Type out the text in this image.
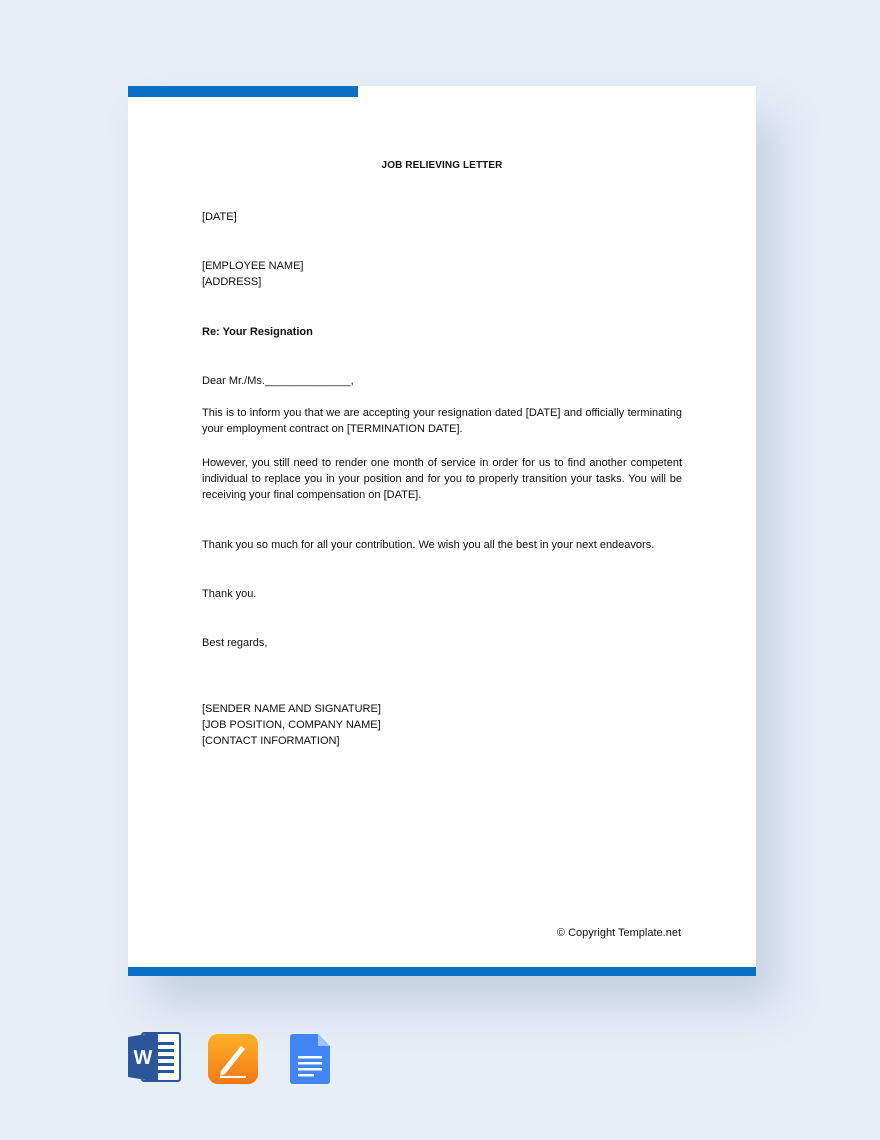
JOB RELIEVING LETTER
[DATE]
[EMPLOYEE NAME]
[ADDRESS]
Re: Your Resignation
Dear Mr./Ms.______________,
This is to inform you that we are accepting your resignation dated [DATE] and officially terminating your employment contract on [TERMINATION DATE].
However, you still need to render one month of service in order for us to find another competent individual to replace you in your position and for you to properly transition your tasks. You will be receiving your final compensation on [DATE].
Thank you so much for all your contribution. We wish you all the best in your next endeavors.
Thank you.
Best regards,
[SENDER NAME AND SIGNATURE]
[JOB POSITION, COMPANY NAME]
[CONTACT INFORMATION]
© Copyright Template.net
W
